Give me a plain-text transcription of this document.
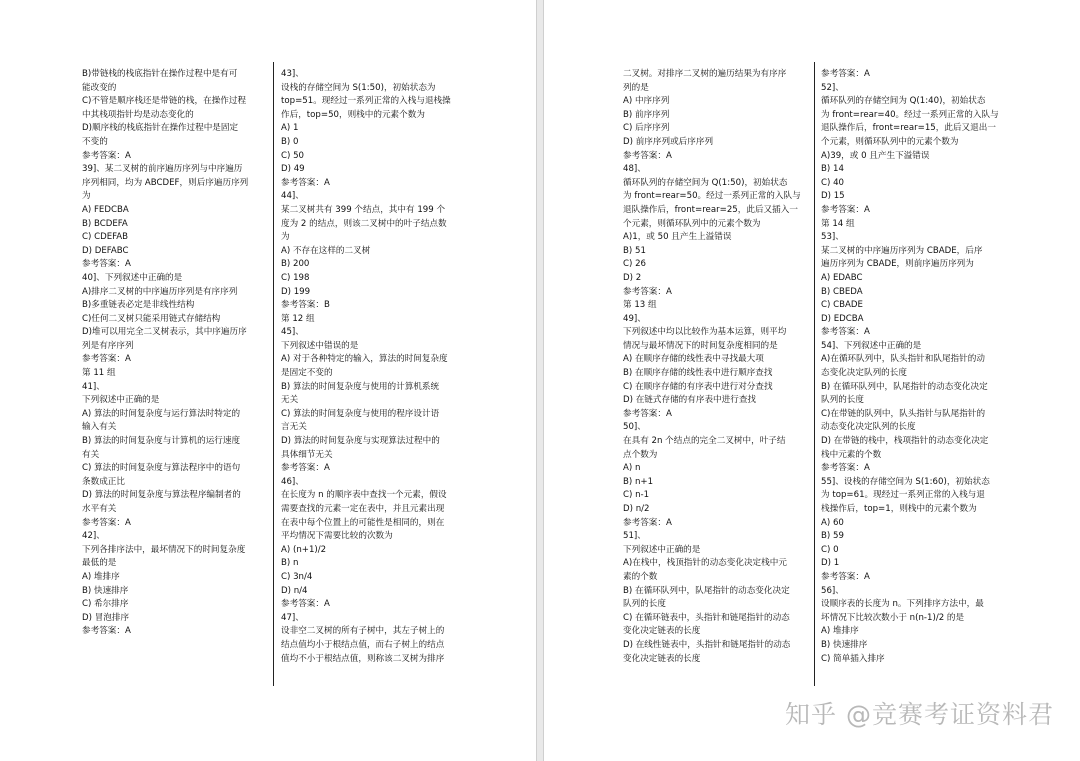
B)带链栈的栈底指针在操作过程中是有可
能改变的
C)不管是顺序栈还是带链的栈，在操作过程
中其栈项指针均是动态变化的
D)顺序栈的栈底指针在操作过程中是固定
不变的
参考答案：A
39]、某二叉树的前序遍历序列与中序遍历
序列相同，均为 ABCDEF，则后序遍历序列
为
A) FEDCBA
B) BCDEFA
C) CDEFAB
D) DEFABC
参考答案：A
40]、下列叙述中正确的是
A)排序二叉树的中序遍历序列是有序序列
B)多重链表必定是非线性结构
C)任何二叉树只能采用链式存储结构
D)堆可以用完全二叉树表示，其中序遍历序
列是有序序列
参考答案：A
第 11 组
41]、
下列叙述中正确的是
A) 算法的时间复杂度与运行算法时特定的
输入有关
B) 算法的时间复杂度与计算机的运行速度
有关
C) 算法的时间复杂度与算法程序中的语句
条数成正比
D) 算法的时间复杂度与算法程序编制者的
水平有关
参考答案：A
42]、
下列各排序法中，最坏情况下的时间复杂度
最低的是
A) 堆排序
B) 快速排序
C) 希尔排序
D) 冒泡排序
参考答案：A
43]、
设栈的存储空间为 S(1:50)，初始状态为
top=51。现经过一系列正常的入栈与退栈操
作后，top=50，则栈中的元素个数为
A) 1
B) 0
C) 50
D) 49
参考答案：A
44]、
某二叉树共有 399 个结点，其中有 199 个
度为 2 的结点，则该二叉树中的叶子结点数
为
A) 不存在这样的二叉树
B) 200
C) 198
D) 199
参考答案：B
第 12 组
45]、
下列叙述中错误的是
A) 对于各种特定的输入，算法的时间复杂度
是固定不变的
B) 算法的时间复杂度与使用的计算机系统
无关
C) 算法的时间复杂度与使用的程序设计语
言无关
D) 算法的时间复杂度与实现算法过程中的
具体细节无关
参考答案：A
46]、
在长度为 n 的顺序表中查找一个元素，假设
需要查找的元素一定在表中，并且元素出现
在表中每个位置上的可能性是相同的，则在
平均情况下需要比较的次数为
A) (n+1)/2
B) n
C) 3n/4
D) n/4
参考答案：A
47]、
设非空二叉树的所有子树中，其左子树上的
结点值均小于根结点值，而右子树上的结点
值均不小于根结点值，则称该二叉树为排序
二叉树。对排序二叉树的遍历结果为有序序
列的是
A) 中序序列
B) 前序序列
C) 后序序列
D) 前序序列或后序序列
参考答案：A
48]、
循环队列的存储空间为 Q(1:50)，初始状态
为 front=rear=50。经过一系列正常的入队与
退队操作后，front=rear=25，此后又插入一
个元素，则循环队列中的元素个数为
A)1，或 50 且产生上溢错误
B) 51
C) 26
D) 2
参考答案：A
第 13 组
49]、
下列叙述中均以比较作为基本运算，则平均
情况与最坏情况下的时间复杂度相同的是
A) 在顺序存储的线性表中寻找最大项
B) 在顺序存储的线性表中进行顺序查找
C) 在顺序存储的有序表中进行对分查找
D) 在链式存储的有序表中进行查找
参考答案：A
50]、
在具有 2n 个结点的完全二叉树中，叶子结
点个数为
A) n
B) n+1
C) n-1
D) n/2
参考答案：A
51]、
下列叙述中正确的是
A)在栈中，栈顶指针的动态变化决定栈中元
素的个数
B) 在循环队列中，队尾指针的动态变化决定
队列的长度
C) 在循环链表中，头指针和链尾指针的动态
变化决定链表的长度
D) 在线性链表中，头指针和链尾指针的动态
变化决定链表的长度
参考答案：A
52]、
循环队列的存储空间为 Q(1:40)，初始状态
为 front=rear=40。经过一系列正常的入队与
退队操作后，front=rear=15，此后又退出一
个元素，则循环队列中的元素个数为
A)39，或 0 且产生下溢错误
B) 14
C) 40
D) 15
参考答案：A
第 14 组
53]、
某二叉树的中序遍历序列为 CBADE，后序
遍历序列为 CBADE，则前序遍历序列为
A) EDABC
B) CBEDA
C) CBADE
D) EDCBA
参考答案：A
54]、下列叙述中正确的是
A)在循环队列中，队头指针和队尾指针的动
态变化决定队列的长度
B) 在循环队列中，队尾指针的动态变化决定
队列的长度
C)在带链的队列中，队头指针与队尾指针的
动态变化决定队列的长度
D) 在带链的栈中，栈项指针的动态变化决定
栈中元素的个数
参考答案：A
55]、设栈的存储空间为 S(1:60)，初始状态
为 top=61。现经过一系列正常的入栈与退
栈操作后，top=1，则栈中的元素个数为
A) 60
B) 59
C) 0
D) 1
参考答案：A
56]、
设顺序表的长度为 n。下列排序方法中，最
坏情况下比较次数小于 n(n-1)/2 的是
A) 堆排序
B) 快速排序
C) 简单插入排序
知乎 @竞赛考证资料君
